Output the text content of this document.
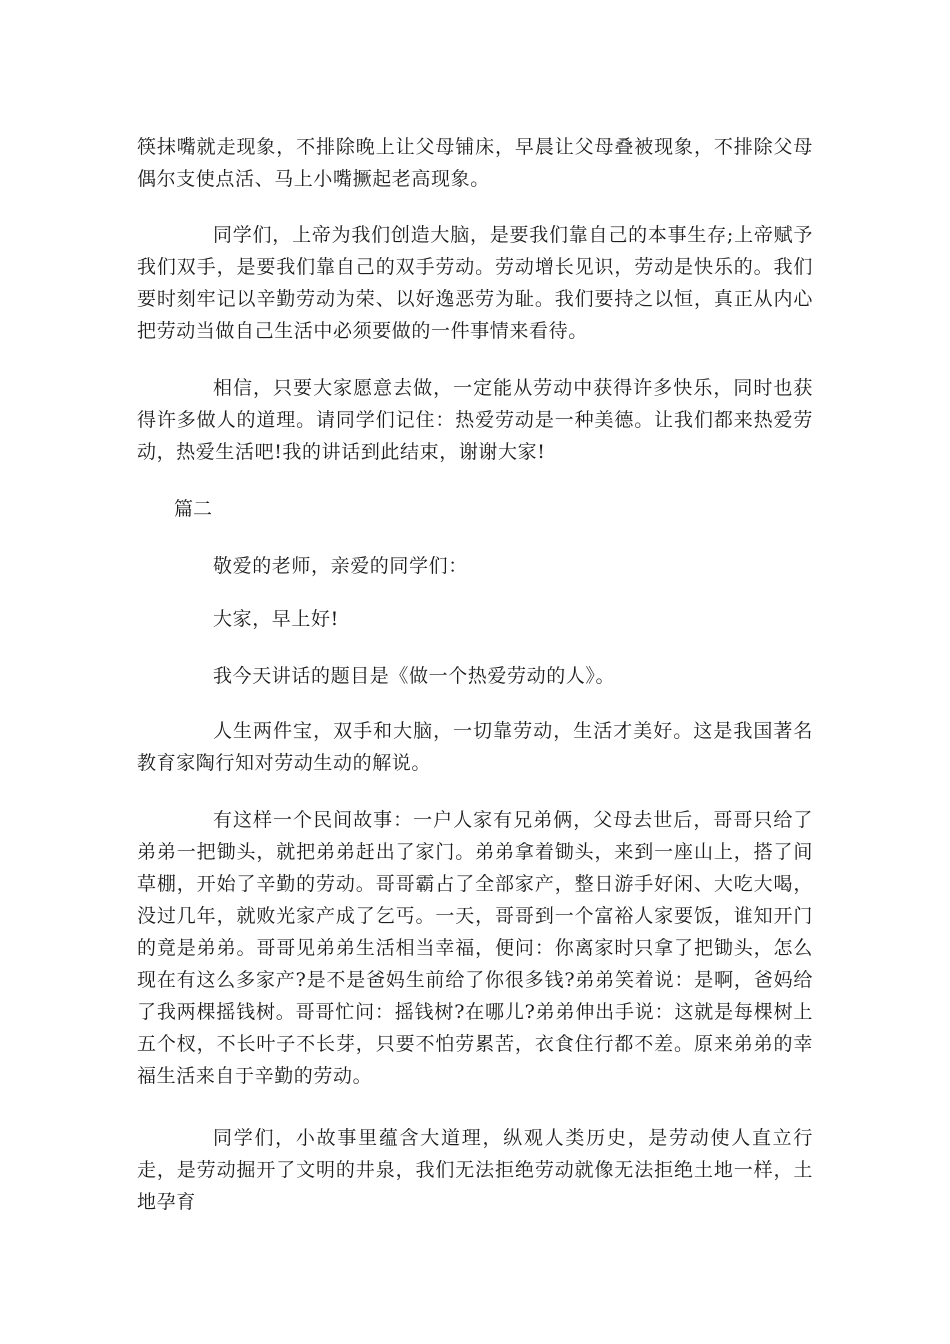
筷抹嘴就走现象，不排除晚上让父母铺床，早晨让父母叠被现象，不排除父母偶尔支使点活、马上小嘴撅起老高现象。

同学们，上帝为我们创造大脑，是要我们靠自己的本事生存;上帝赋予我们双手，是要我们靠自己的双手劳动。劳动增长见识，劳动是快乐的。我们要时刻牢记以辛勤劳动为荣、以好逸恶劳为耻。我们要持之以恒，真正从内心把劳动当做自己生活中必须要做的一件事情来看待。

相信，只要大家愿意去做，一定能从劳动中获得许多快乐，同时也获得许多做人的道理。请同学们记住：热爱劳动是一种美德。让我们都来热爱劳动，热爱生活吧!我的讲话到此结束，谢谢大家!

篇二

敬爱的老师，亲爱的同学们：

大家，早上好!

我今天讲话的题目是《做一个热爱劳动的人》。

人生两件宝，双手和大脑，一切靠劳动，生活才美好。这是我国著名教育家陶行知对劳动生动的解说。

有这样一个民间故事：一户人家有兄弟俩，父母去世后，哥哥只给了弟弟一把锄头，就把弟弟赶出了家门。弟弟拿着锄头，来到一座山上，搭了间草棚，开始了辛勤的劳动。哥哥霸占了全部家产，整日游手好闲、大吃大喝，没过几年，就败光家产成了乞丐。一天，哥哥到一个富裕人家要饭，谁知开门的竟是弟弟。哥哥见弟弟生活相当幸福，便问：你离家时只拿了把锄头，怎么现在有这么多家产?是不是爸妈生前给了你很多钱?弟弟笑着说：是啊，爸妈给了我两棵摇钱树。哥哥忙问：摇钱树?在哪儿?弟弟伸出手说：这就是每棵树上五个杈，不长叶子不长芽，只要不怕劳累苦，衣食住行都不差。原来弟弟的幸福生活来自于辛勤的劳动。

同学们，小故事里蕴含大道理，纵观人类历史，是劳动使人直立行走，是劳动掘开了文明的井泉，我们无法拒绝劳动就像无法拒绝土地一样，土地孕育
